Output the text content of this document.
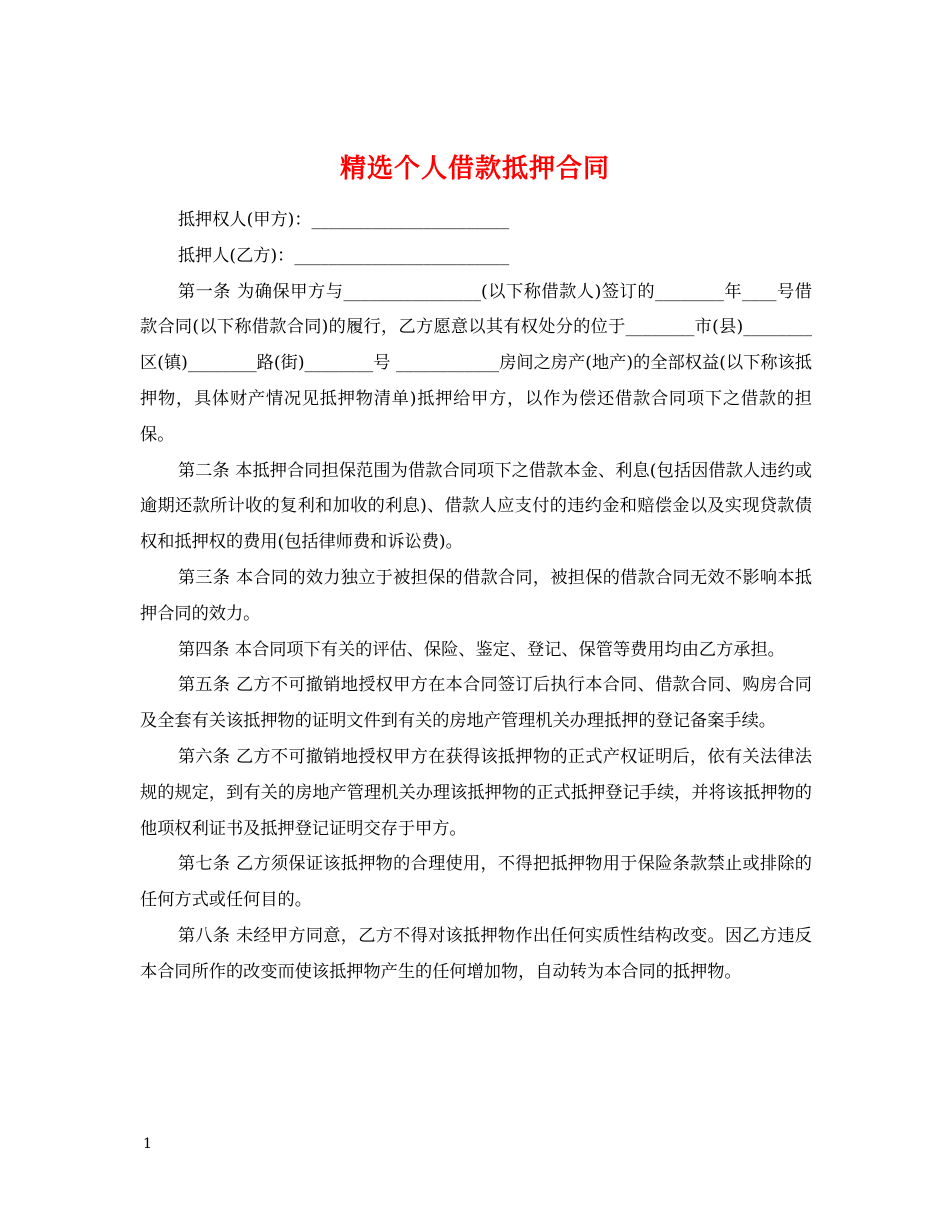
精选个人借款抵押合同

抵押权人(甲方)：_______________________

抵押人(乙方)：_________________________

第一条 为确保甲方与________________(以下称借款人)签订的________年____号借款合同(以下称借款合同)的履行，乙方愿意以其有权处分的位于________市(县)________区(镇)________路(街)________号 ____________房间之房产(地产)的全部权益(以下称该抵押物，具体财产情况见抵押物清单)抵押给甲方，以作为偿还借款合同项下之借款的担保。

第二条 本抵押合同担保范围为借款合同项下之借款本金、利息(包括因借款人违约或逾期还款所计收的复利和加收的利息)、借款人应支付的违约金和赔偿金以及实现贷款债权和抵押权的费用(包括律师费和诉讼费)。

第三条 本合同的效力独立于被担保的借款合同，被担保的借款合同无效不影响本抵押合同的效力。

第四条 本合同项下有关的评估、保险、鉴定、登记、保管等费用均由乙方承担。

第五条 乙方不可撤销地授权甲方在本合同签订后执行本合同、借款合同、购房合同及全套有关该抵押物的证明文件到有关的房地产管理机关办理抵押的登记备案手续。

第六条 乙方不可撤销地授权甲方在获得该抵押物的正式产权证明后，依有关法律法规的规定，到有关的房地产管理机关办理该抵押物的正式抵押登记手续，并将该抵押物的他项权利证书及抵押登记证明交存于甲方。

第七条 乙方须保证该抵押物的合理使用，不得把抵押物用于保险条款禁止或排除的任何方式或任何目的。

第八条 未经甲方同意，乙方不得对该抵押物作出任何实质性结构改变。因乙方违反本合同所作的改变而使该抵押物产生的任何增加物，自动转为本合同的抵押物。

1
